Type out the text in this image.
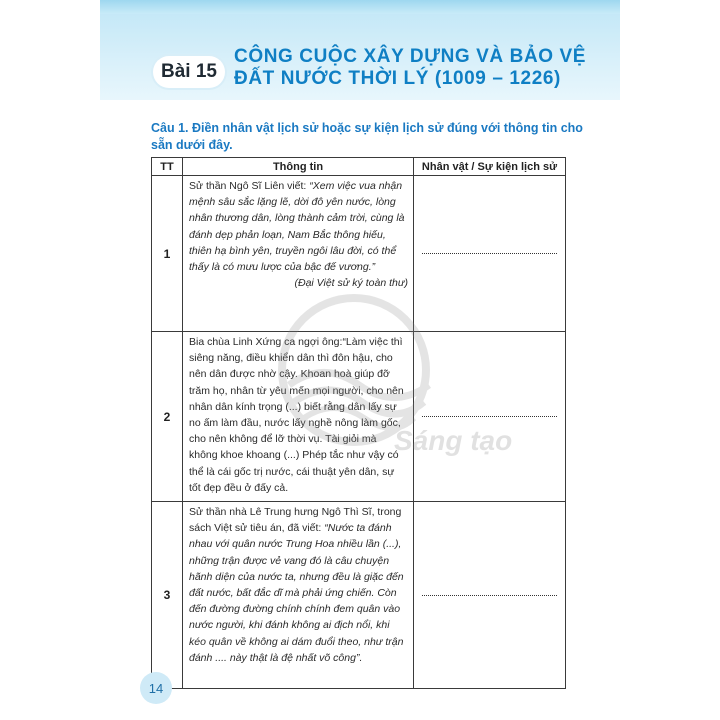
Bài 15
CÔNG CUỘC XÂY DỰNG VÀ BẢO VỆ
ĐẤT NƯỚC THỜI LÝ (1009 – 1226)
Câu 1. Điền nhân vật lịch sử hoặc sự kiện lịch sử đúng với thông tin cho
sẵn dưới đây.
TT	Thông tin	Nhân vật / Sự kiện lịch sử
1	Sử thần Ngô Sĩ Liên viết: “Xem việc vua nhận mệnh sâu sắc lặng lẽ, dời đô yên nước, lòng nhân thương dân, lòng thành cảm trời, cùng là đánh dẹp phản loạn, Nam Bắc thông hiếu, thiên hạ bình yên, truyền ngôi lâu đời, có thể thấy là có mưu lược của bậc đế vương.”
(Đại Việt sử ký toàn thư)	

2	Bia chùa Linh Xứng ca ngợi ông:“Làm việc thì siêng năng, điều khiển dân thì đôn hậu, cho nên dân được nhờ cậy. Khoan hoà giúp đỡ trăm họ, nhân từ yêu mến mọi người, cho nên nhân dân kính trọng (...) biết rằng dân lấy sự no ấm làm đầu, nước lấy nghề nông làm gốc, cho nên không để lỡ thời vụ. Tài giỏi mà không khoe khoang (...) Phép tắc như vậy có thể là cái gốc trị nước, cái thuật yên dân, sự tốt đẹp đều ở đấy cả.	

3	Sử thần nhà Lê Trung hưng Ngô Thì Sĩ, trong sách Việt sử tiêu án, đã viết: “Nước ta đánh nhau với quân nước Trung Hoa nhiều lần (...), những trận được vẻ vang đó là câu chuyện hãnh diện của nước ta, nhưng đều là giặc đến đất nước, bất đắc dĩ mà phải ứng chiến. Còn đến đường đường chính chính đem quân vào nước người, khi đánh không ai địch nổi, khi kéo quân về không ai dám đuổi theo, như trận đánh .... này thật là đệ nhất võ công”.	
Sáng tạo
14
